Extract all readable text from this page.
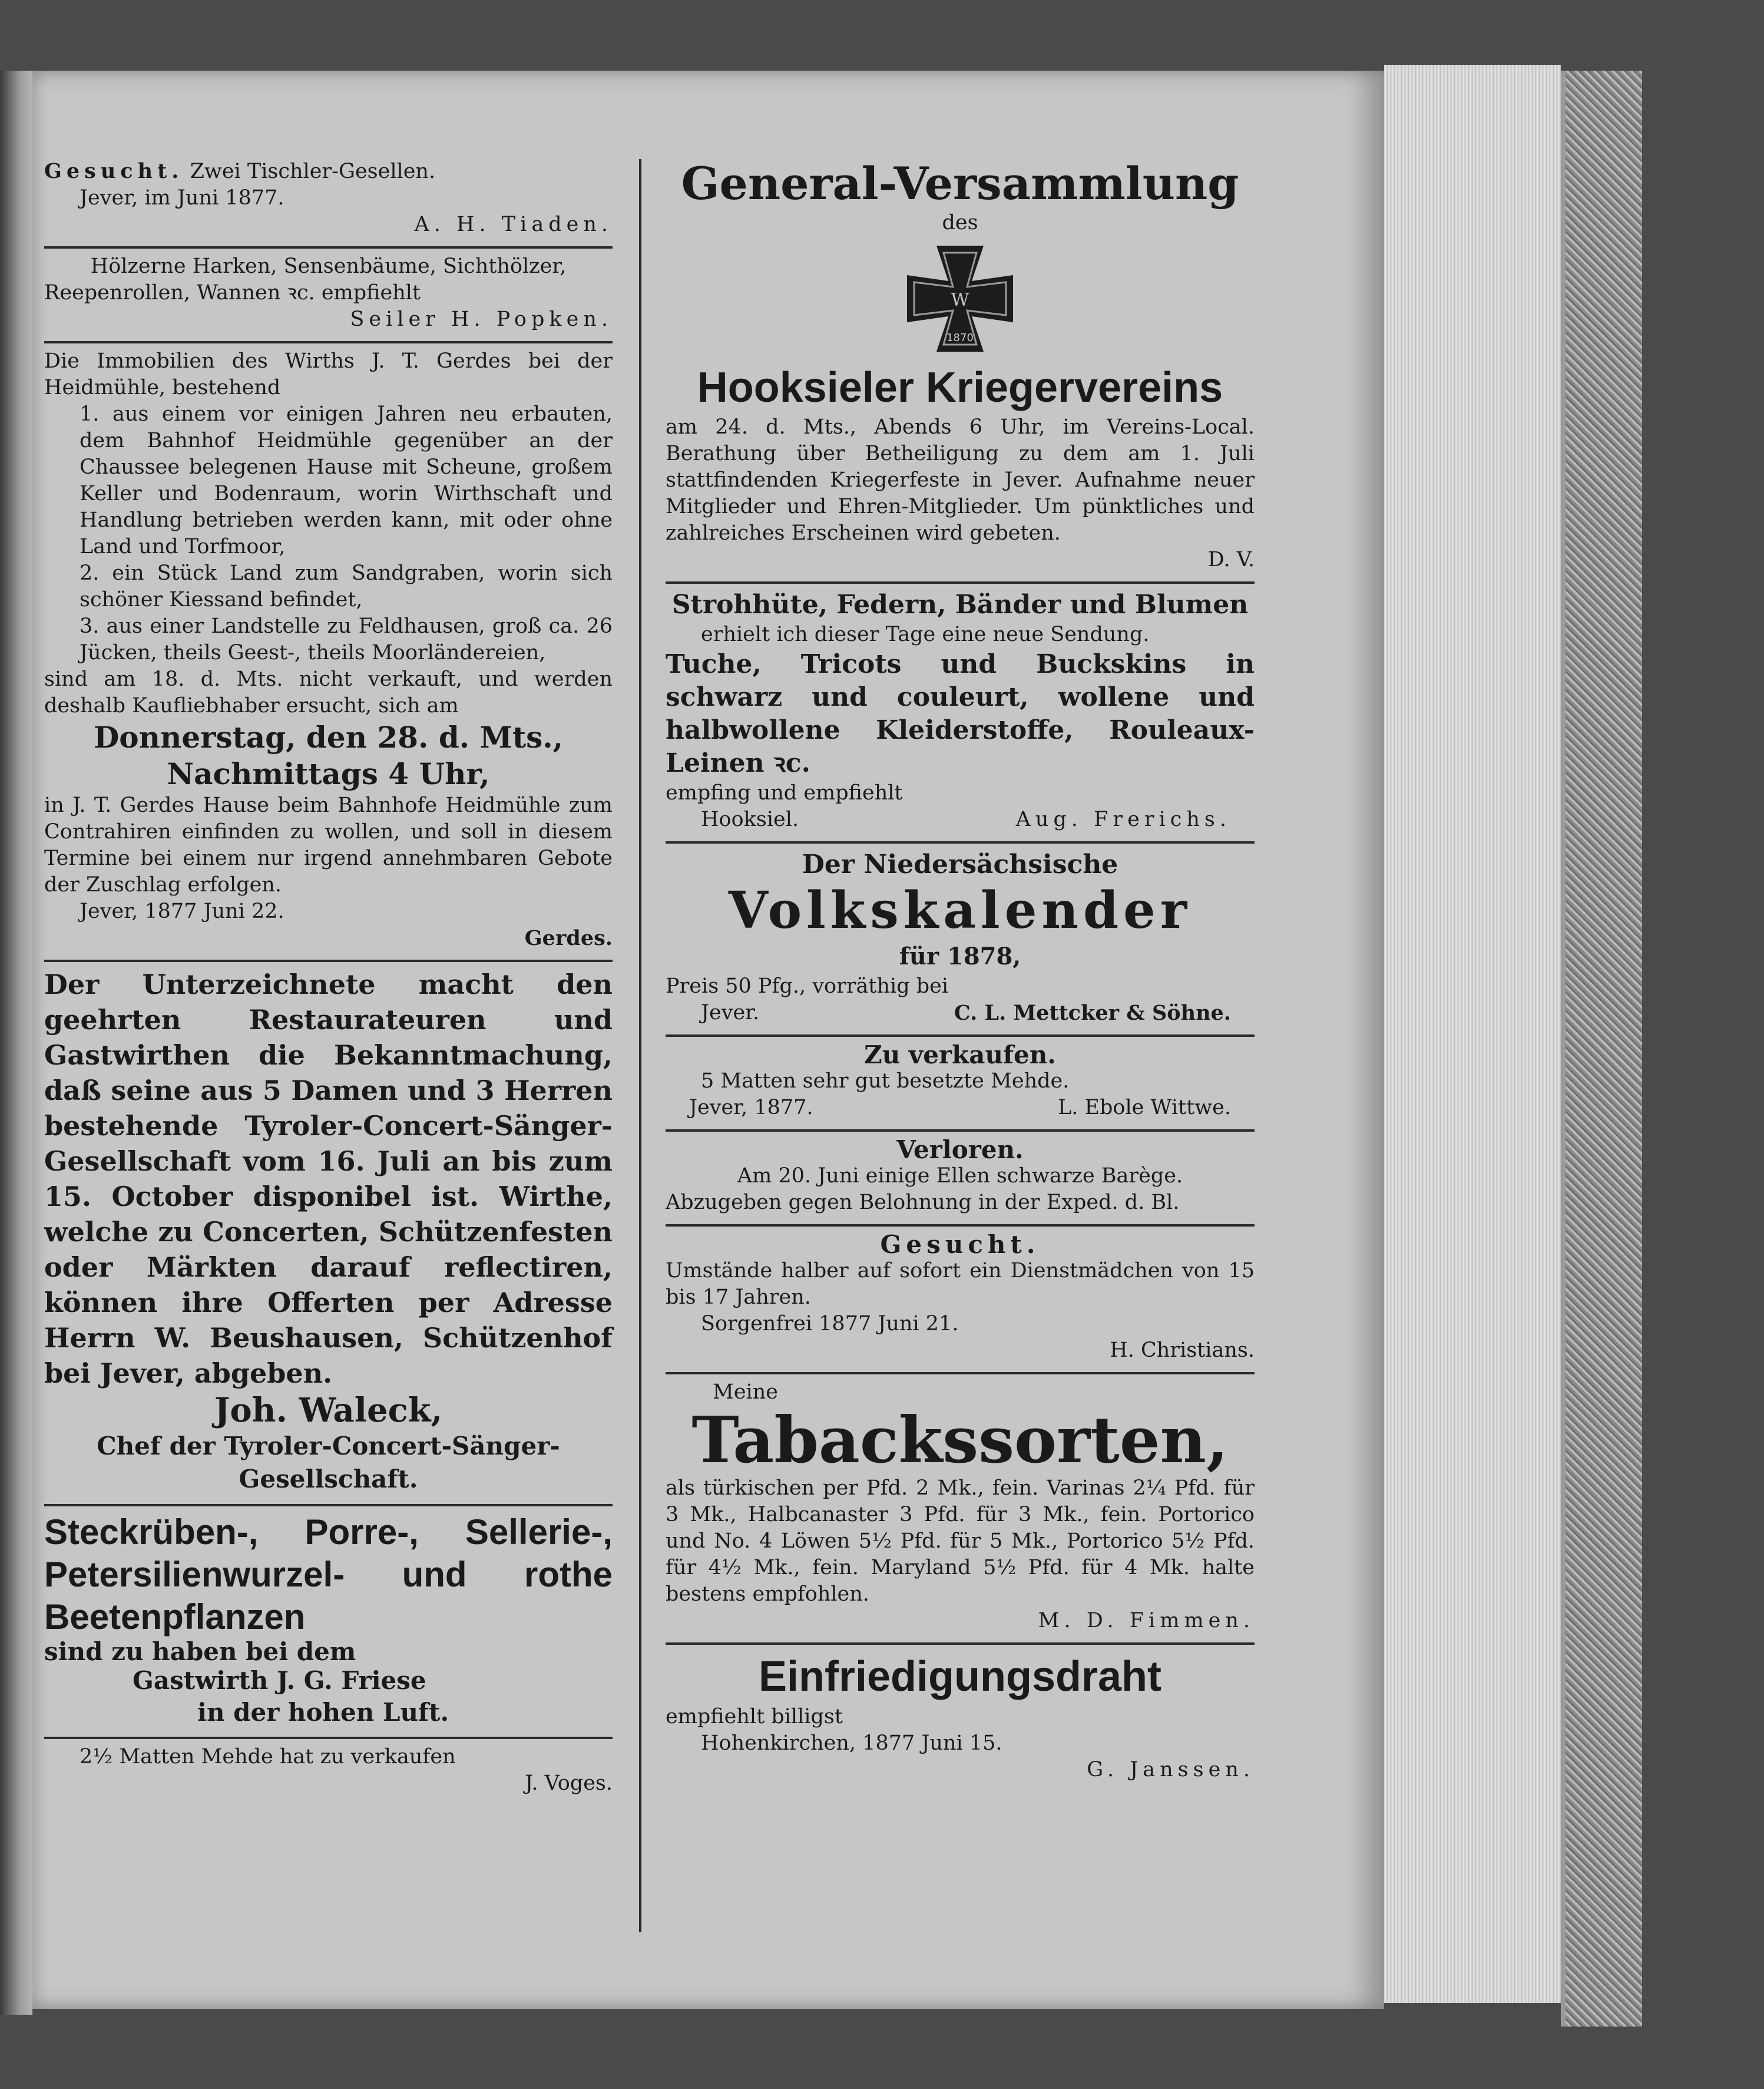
Gesucht. Zwei Tischler-Gesellen.
Jever, im Juni 1877.
A. H. Tiaden.
Hölzerne Harken, Sensenbäume, Sichthölzer,
Reepenrollen, Wannen ꝛc. empfiehlt
Seiler H. Popken.
Die Immobilien des Wirths J. T. Gerdes bei der Heidmühle, bestehend
1. aus einem vor einigen Jahren neu erbauten, dem Bahnhof Heidmühle gegenüber an der Chaussee belegenen Hause mit Scheune, großem Keller und Bodenraum, worin Wirthschaft und Handlung betrieben werden kann, mit oder ohne Land und Torfmoor,
2. ein Stück Land zum Sandgraben, worin sich schöner Kiessand befindet,
3. aus einer Landstelle zu Feldhausen, groß ca. 26 Jücken, theils Geest-, theils Moorländereien,
sind am 18. d. Mts. nicht verkauft, und werden deshalb Kaufliebhaber ersucht, sich am
Donnerstag, den 28. d. Mts.,
Nachmittags 4 Uhr,
in J. T. Gerdes Hause beim Bahnhofe Heidmühle zum Contrahiren einfinden zu wollen, und soll in diesem Termine bei einem nur irgend annehmbaren Gebote der Zuschlag erfolgen.
Jever, 1877 Juni 22.
Gerdes.
Der Unterzeichnete macht den geehrten Restaurateuren und Gastwirthen die Bekanntmachung, daß seine aus 5 Damen und 3 Herren bestehende Tyroler-Concert-Sänger-Gesellschaft vom 16. Juli an bis zum 15. October disponibel ist. Wirthe, welche zu Concerten, Schützenfesten oder Märkten darauf reflectiren, können ihre Offerten per Adresse Herrn W. Beushausen, Schützenhof bei Jever, abgeben.
Joh. Waleck,
Chef der Tyroler-Concert-Sänger-Gesellschaft.
Steckrüben-, Porre-, Sellerie-, Petersilienwurzel- und rothe Beetenpflanzen
sind zu haben bei dem
Gastwirth J. G. Friese
in der hohen Luft.
2½ Matten Mehde hat zu verkaufen
J. Voges.
General-Versammlung
des
W
1870
Hooksieler Kriegervereins
am 24. d. Mts., Abends 6 Uhr, im Vereins-Local. Berathung über Betheiligung zu dem am 1. Juli stattfindenden Kriegerfeste in Jever. Aufnahme neuer Mitglieder und Ehren-Mitglieder. Um pünktliches und zahlreiches Erscheinen wird gebeten.
D. V.
Strohhüte, Federn, Bänder und Blumen
erhielt ich dieser Tage eine neue Sendung.
Tuche, Tricots und Buckskins in schwarz und couleurt, wollene und halbwollene Kleiderstoffe, Rouleaux-Leinen ꝛc.
empfing und empfiehlt
Hooksiel.	Aug. Frerichs.
Der Niedersächsische
Volkskalender
für 1878,
Preis 50 Pfg., vorräthig bei
Jever.	C. L. Mettcker & Söhne.
Zu verkaufen.
5 Matten sehr gut besetzte Mehde.
Jever, 1877.	L. Ebole Wittwe.
Verloren.
Am 20. Juni einige Ellen schwarze Barège.
Abzugeben gegen Belohnung in der Exped. d. Bl.
Gesucht.
Umstände halber auf sofort ein Dienstmädchen von 15 bis 17 Jahren.
Sorgenfrei 1877 Juni 21.
H. Christians.
Meine
Tabackssorten,
als türkischen per Pfd. 2 Mk., fein. Varinas 2¼ Pfd. für 3 Mk., Halbcanaster 3 Pfd. für 3 Mk., fein. Portorico und No. 4 Löwen 5½ Pfd. für 5 Mk., Portorico 5½ Pfd. für 4½ Mk., fein. Maryland 5½ Pfd. für 4 Mk. halte bestens empfohlen.
M. D. Fimmen.
Einfriedigungsdraht
empfiehlt billigst
Hohenkirchen, 1877 Juni 15.
G. Janssen.
